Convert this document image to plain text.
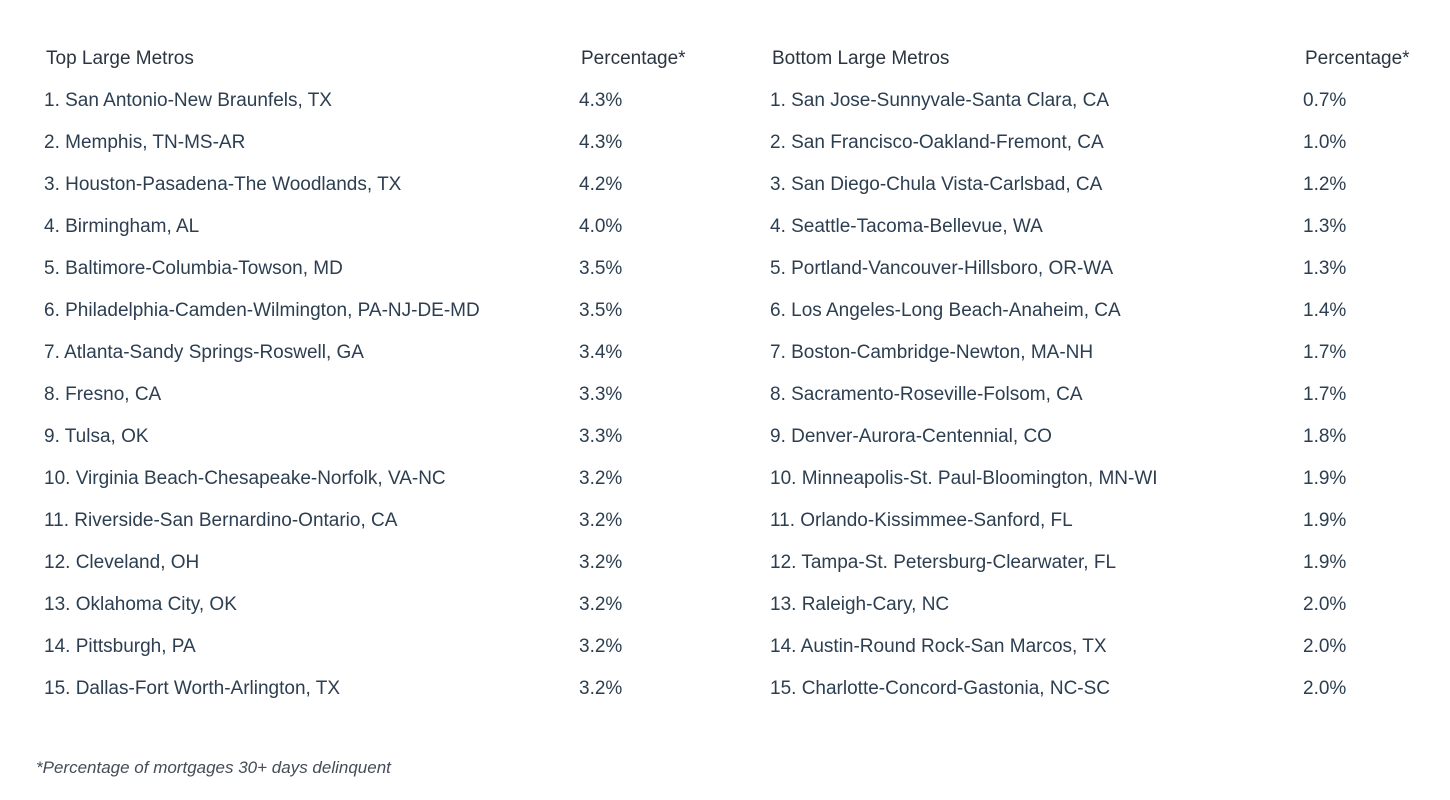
Top Large Metros	Percentage*
1. San Antonio-New Braunfels, TX	4.3%
2. Memphis, TN-MS-AR	4.3%
3. Houston-Pasadena-The Woodlands, TX	4.2%
4. Birmingham, AL	4.0%
5. Baltimore-Columbia-Towson, MD	3.5%
6. Philadelphia-Camden-Wilmington, PA-NJ-DE-MD	3.5%
7. Atlanta-Sandy Springs-Roswell, GA	3.4%
8. Fresno, CA	3.3%
9. Tulsa, OK	3.3%
10. Virginia Beach-Chesapeake-Norfolk, VA-NC	3.2%
11. Riverside-San Bernardino-Ontario, CA	3.2%
12. Cleveland, OH	3.2%
13. Oklahoma City, OK	3.2%
14. Pittsburgh, PA	3.2%
15. Dallas-Fort Worth-Arlington, TX	3.2%
Bottom Large Metros	Percentage*
1. San Jose-Sunnyvale-Santa Clara, CA	0.7%
2. San Francisco-Oakland-Fremont, CA	1.0%
3. San Diego-Chula Vista-Carlsbad, CA	1.2%
4. Seattle-Tacoma-Bellevue, WA	1.3%
5. Portland-Vancouver-Hillsboro, OR-WA	1.3%
6. Los Angeles-Long Beach-Anaheim, CA	1.4%
7. Boston-Cambridge-Newton, MA-NH	1.7%
8. Sacramento-Roseville-Folsom, CA	1.7%
9. Denver-Aurora-Centennial, CO	1.8%
10. Minneapolis-St. Paul-Bloomington, MN-WI	1.9%
11. Orlando-Kissimmee-Sanford, FL	1.9%
12. Tampa-St. Petersburg-Clearwater, FL	1.9%
13. Raleigh-Cary, NC	2.0%
14. Austin-Round Rock-San Marcos, TX	2.0%
15. Charlotte-Concord-Gastonia, NC-SC	2.0%
*Percentage of mortgages 30+ days delinquent
